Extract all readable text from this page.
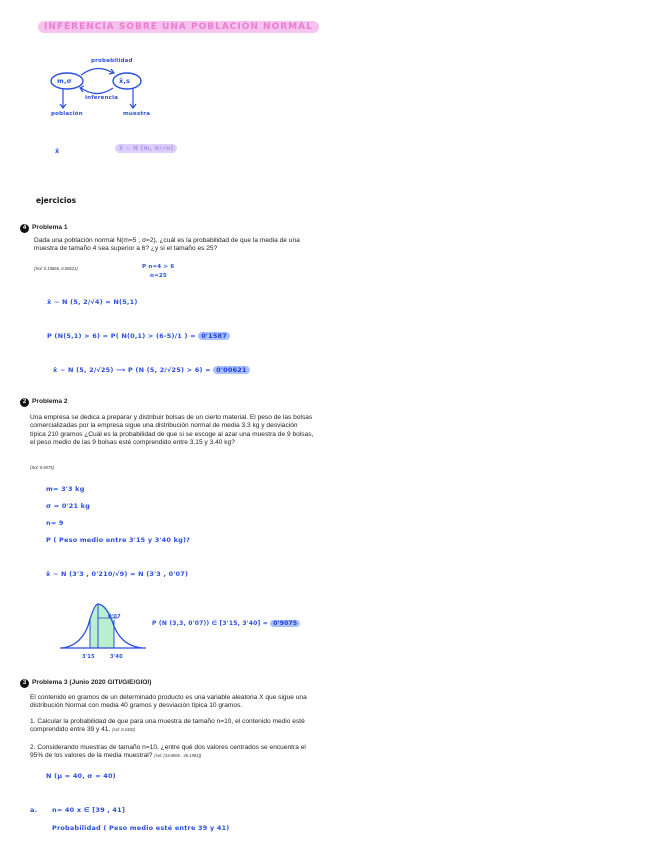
INFERENCIA SOBRE UNA POBLACIÓN NORMAL
m,σ	x̄,s
probabilidad
inferencia
población	muestra
x̄	x̄ ~ N (m, σ/√n)
ejercicios
4 Problema 1
Dada una población normal N(m=5 ; σ=2), ¿cuál es la probabilidad de que la media de una muestra de tamaño 4 sea superior a 6? ¿y si el tamaño es 25?
(Sol: 0.15866, 0.00621)	P n=4 > 6
n=25
x̄ ~ N (5, 2/√4) = N(5,1)
P (N(5,1) > 6) = P( N(0,1) > (6-5)/1 ) = 0'1587
x̄ ~ N (5, 2/√25) ⟶ P (N (5, 2/√25) > 6) = 0'00621
2 Problema 2
Una empresa se dedica a preparar y distribuir bolsas de un cierto material. El peso de las bolsas comercializadas por la empresa sigue una distribución normal de media 3.3 kg y desviación típica 210 gramos ¿Cuál es la probabilidad de que si se escoge al azar una muestra de 9 bolsas, el peso medio de las 9 bolsas esté comprendido entre 3.15 y 3.40 kg?
(Sol: 0.9075)
m= 3'3 kg
σ = 0'21 kg
n= 9
P ( Peso medio entre 3'15 y 3'40 kg)?
x̄ ~ N (3'3 , 0'210/√9) = N (3'3 , 0'07)
0'07
3'15	3'40
P (N (3,3, 0'07)) ∈ [3'15, 3'40] = 0'9075
3 Problema 3 (Junio 2020 GITI/GIE/GIOI)
El contenido en gramos de un determinado producto es una variable aleatoria X que sigue una distribución Normal con media 40 gramos y desviación típica 10 gramos.
1. Calcular la probabilidad de que para una muestra de tamaño n=10, el contenido medio esté comprendido entre 39 y 41. (sol: 0.2482)
2. Considerando muestras de tamaño n=10, ¿entre qué dos valores centrados se encuentra el 95% de los valores de la media muestral? (sol: (33.8065 , 46.1981))
N (μ = 40, σ = 40)
a. n= 40 x ∈ [39 , 41]
Probabilidad ( Peso medio esté entre 39 y 41)
